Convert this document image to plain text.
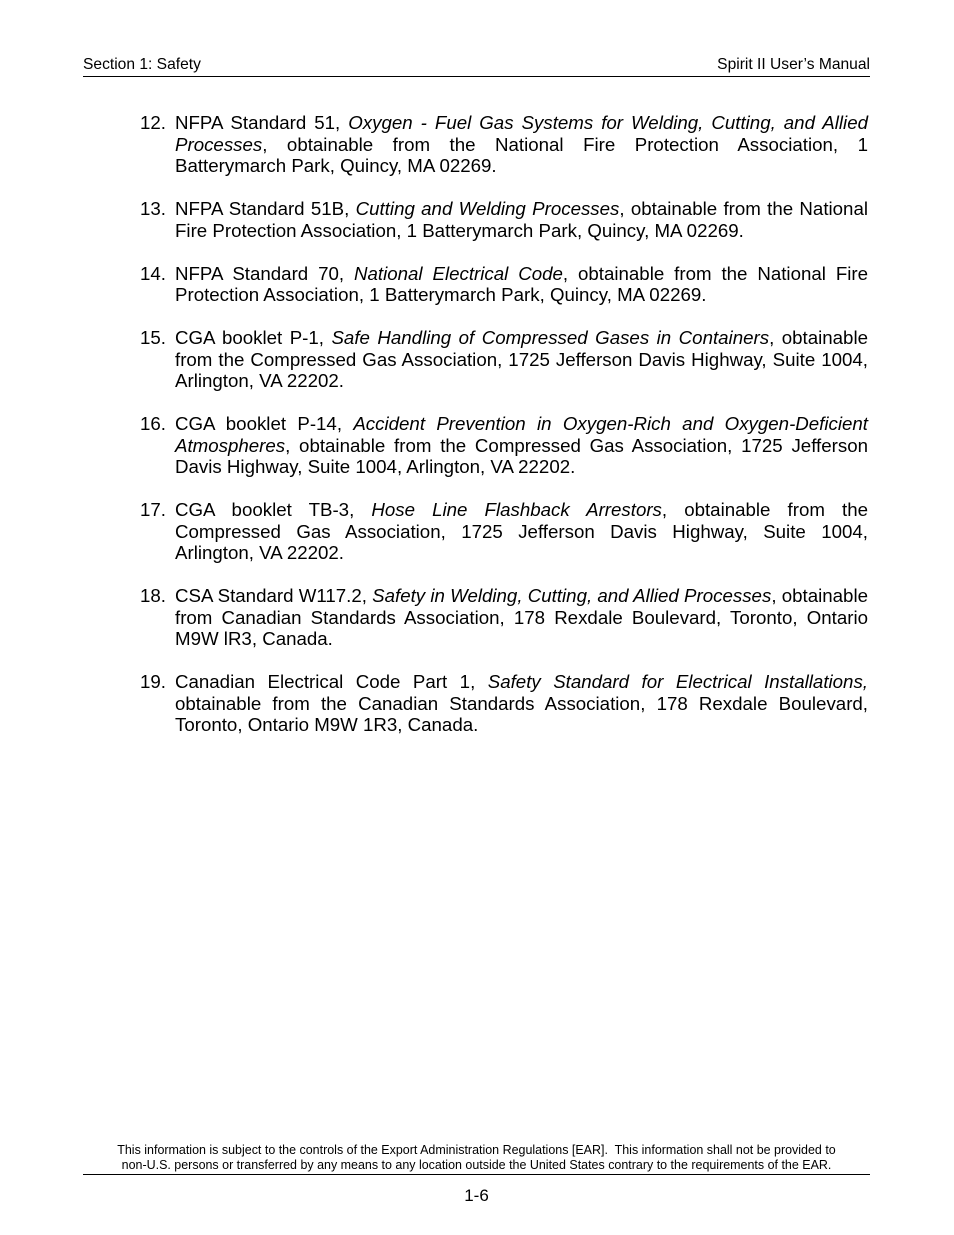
Section 1: Safety	Spirit II User’s Manual
12. NFPA Standard 51, Oxygen - Fuel Gas Systems for Welding, Cutting, and Allied Processes, obtainable from the National Fire Protection Association, 1 Batterymarch Park, Quincy, MA 02269.
13. NFPA Standard 51B, Cutting and Welding Processes, obtainable from the National Fire Protection Association, 1 Batterymarch Park, Quincy, MA 02269.
14. NFPA Standard 70, National Electrical Code, obtainable from the National Fire Protection Association, 1 Batterymarch Park, Quincy, MA 02269.
15. CGA booklet P-1, Safe Handling of Compressed Gases in Containers, obtainable from the Compressed Gas Association, 1725 Jefferson Davis Highway, Suite 1004, Arlington, VA 22202.
16. CGA booklet P-14, Accident Prevention in Oxygen-Rich and Oxygen-Deficient Atmospheres, obtainable from the Compressed Gas Association, 1725 Jefferson Davis Highway, Suite 1004, Arlington, VA 22202.
17. CGA booklet TB-3, Hose Line Flashback Arrestors, obtainable from the Compressed Gas Association, 1725 Jefferson Davis Highway, Suite 1004, Arlington, VA 22202.
18. CSA Standard W117.2, Safety in Welding, Cutting, and Allied Processes, obtainable from Canadian Standards Association, 178 Rexdale Boulevard, Toronto, Ontario M9W lR3, Canada.
19. Canadian Electrical Code Part 1, Safety Standard for Electrical Installations, obtainable from the Canadian Standards Association, 178 Rexdale Boulevard, Toronto, Ontario M9W 1R3, Canada.
This information is subject to the controls of the Export Administration Regulations [EAR].  This information shall not be provided to
non-U.S. persons or transferred by any means to any location outside the United States contrary to the requirements of the EAR.
1-6
